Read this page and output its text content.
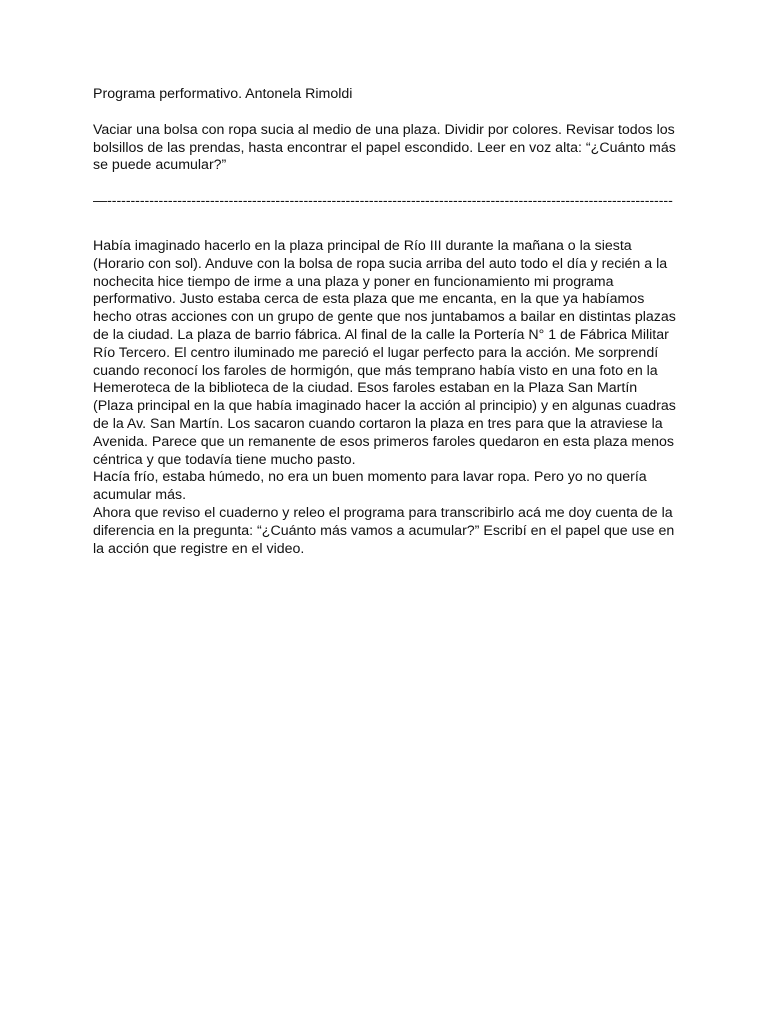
Programa performativo. Antonela Rimoldi

Vaciar una bolsa con ropa sucia al medio de una plaza. Dividir por colores. Revisar todos los bolsillos de las prendas, hasta encontrar el papel escondido. Leer en voz alta: “¿Cuánto más se puede acumular?”

—-------------------------------------------------------------------------------------------------------------------------

Había imaginado hacerlo en la plaza principal de Río III durante la mañana o la siesta (Horario con sol). Anduve con la bolsa de ropa sucia arriba del auto todo el día y recién a la nochecita hice tiempo de irme a una plaza y poner en funcionamiento mi programa performativo. Justo estaba cerca de esta plaza que me encanta, en la que ya habíamos hecho otras acciones con un grupo de gente que nos juntabamos a bailar en distintas plazas de la ciudad. La plaza de barrio fábrica. Al final de la calle la Portería N° 1 de Fábrica Militar Río Tercero. El centro iluminado me pareció el lugar perfecto para la acción. Me sorprendí cuando reconocí los faroles de hormigón, que más temprano había visto en una foto en la Hemeroteca de la biblioteca de la ciudad. Esos faroles estaban en la Plaza San Martín (Plaza principal en la que había imaginado hacer la acción al principio) y en algunas cuadras de la Av. San Martín. Los sacaron cuando cortaron la plaza en tres para que la atraviese la Avenida. Parece que un remanente de esos primeros faroles quedaron en esta plaza menos céntrica y que todavía tiene mucho pasto.

Hacía frío, estaba húmedo, no era un buen momento para lavar ropa. Pero yo no quería acumular más.

Ahora que reviso el cuaderno y releo el programa para transcribirlo acá me doy cuenta de la diferencia en la pregunta: “¿Cuánto más vamos a acumular?” Escribí en el papel que use en la acción que registre en el video.
